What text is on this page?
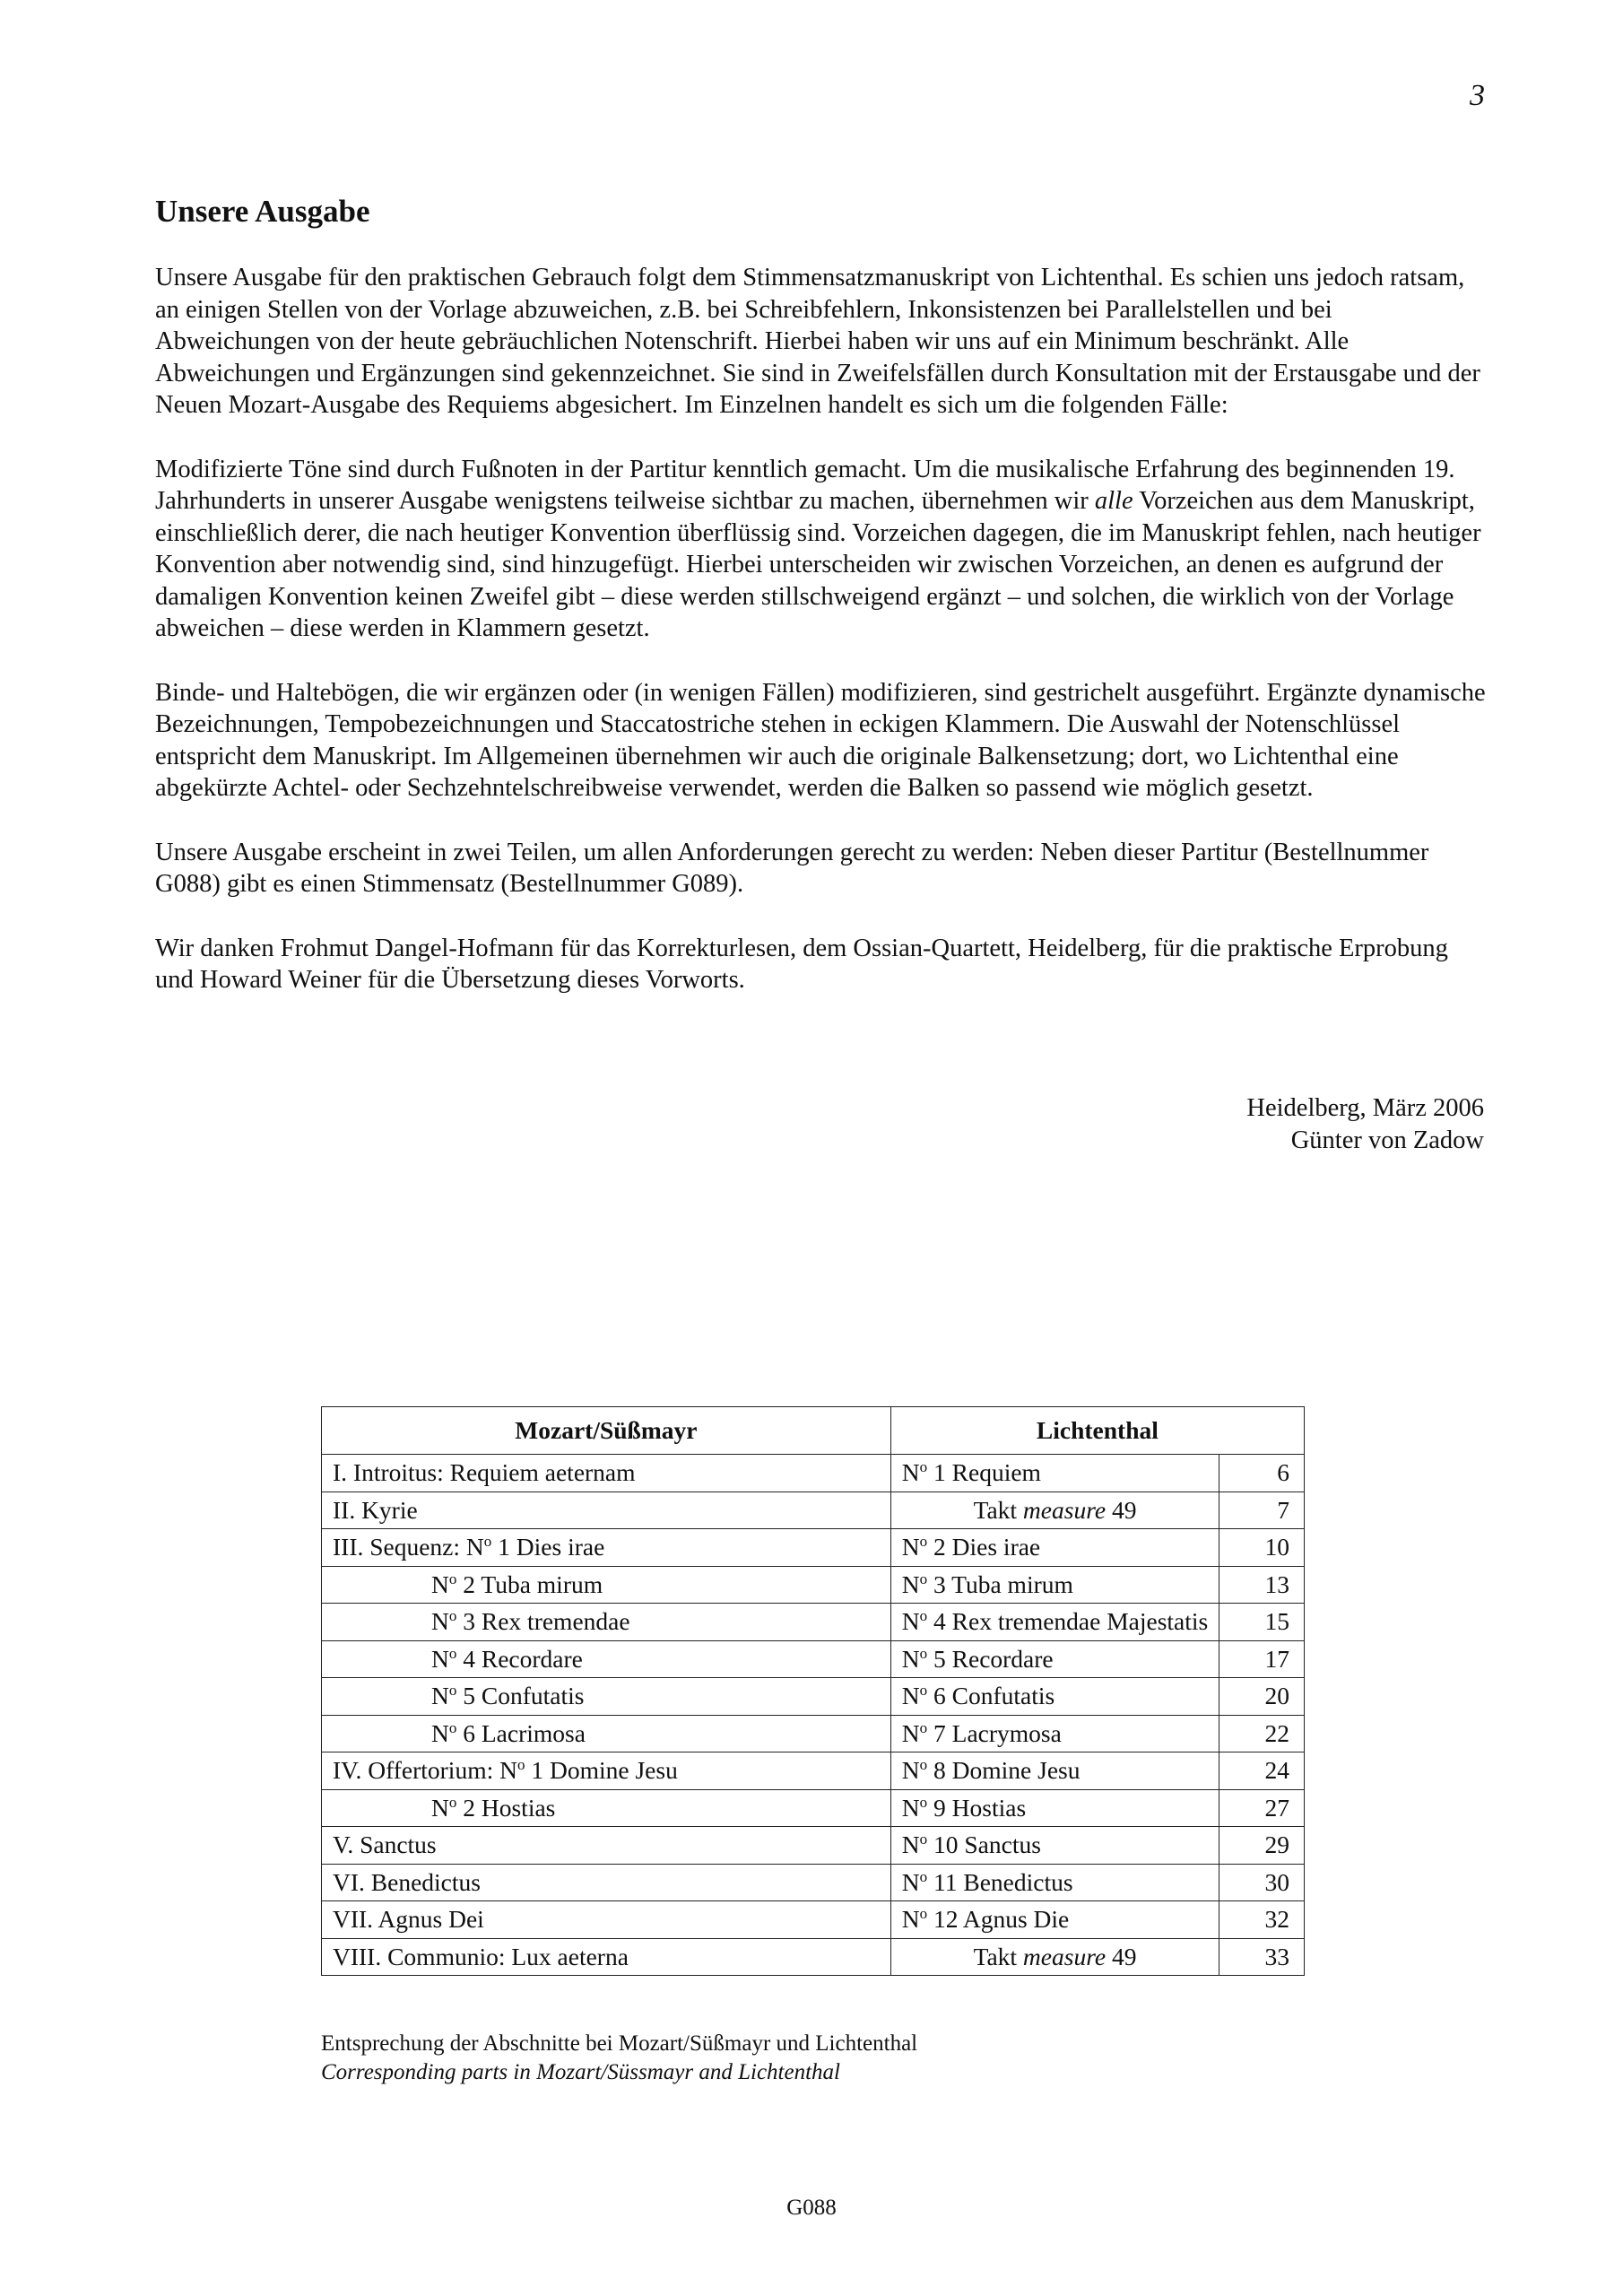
3
Unsere Ausgabe

Unsere Ausgabe für den praktischen Gebrauch folgt dem Stimmensatzmanuskript von Lichtenthal. Es schien uns jedoch ratsam, an einigen Stellen von der Vorlage abzuweichen, z.B. bei Schreibfehlern, Inkonsistenzen bei Parallelstellen und bei Abweichungen von der heute gebräuchlichen Notenschrift. Hierbei haben wir uns auf ein Minimum beschränkt. Alle Abweichungen und Ergänzungen sind gekennzeichnet. Sie sind in Zweifelsfällen durch Konsultation mit der Erstausgabe und der Neuen Mozart-Ausgabe des Requiems abgesichert. Im Einzelnen handelt es sich um die folgenden Fälle:

Modifizierte Töne sind durch Fußnoten in der Partitur kenntlich gemacht. Um die musikalische Erfahrung des beginnenden 19. Jahrhunderts in unserer Ausgabe wenigstens teilweise sichtbar zu machen, übernehmen wir alle Vorzeichen aus dem Manuskript, einschließlich derer, die nach heutiger Konvention überflüssig sind. Vorzeichen dagegen, die im Manuskript fehlen, nach heutiger Konvention aber notwendig sind, sind hinzugefügt. Hierbei unterscheiden wir zwischen Vorzeichen, an denen es aufgrund der damaligen Konvention keinen Zweifel gibt – diese werden stillschweigend ergänzt – und solchen, die wirklich von der Vorlage abweichen – diese werden in Klammern gesetzt.

Binde- und Haltebögen, die wir ergänzen oder (in wenigen Fällen) modifizieren, sind gestrichelt ausgeführt. Ergänzte dynamische Bezeichnungen, Tempobezeichnungen und Staccatostriche stehen in eckigen Klammern. Die Auswahl der Notenschlüssel entspricht dem Manuskript. Im Allgemeinen übernehmen wir auch die originale Balkensetzung; dort, wo Lichtenthal eine abgekürzte Achtel- oder Sechzehntelschreibweise verwendet, werden die Balken so passend wie möglich gesetzt.

Unsere Ausgabe erscheint in zwei Teilen, um allen Anforderungen gerecht zu werden: Neben dieser Partitur (Bestellnummer G088) gibt es einen Stimmensatz (Bestellnummer G089).

Wir danken Frohmut Dangel-Hofmann für das Korrekturlesen, dem Ossian-Quartett, Heidelberg, für die praktische Erprobung und Howard Weiner für die Übersetzung dieses Vorworts.

Heidelberg, März 2006
Günter von Zadow
Mozart/Süßmayr	Lichtenthal	
I. Introitus: Requiem aeternam	$N^o$ 1 Requiem	6
II. Kyrie	Takt measure 49	7
III. Sequenz: $N^o$ 1 Dies irae	$N^o$ 2 Dies irae	10
$N^o$ 2 Tuba mirum	$N^o$ 3 Tuba mirum	13
$N^o$ 3 Rex tremendae	$N^o$ 4 Rex tremendae Majestatis	15
$N^o$ 4 Recordare	$N^o$ 5 Recordare	17
$N^o$ 5 Confutatis	$N^o$ 6 Confutatis	20
$N^o$ 6 Lacrimosa	$N^o$ 7 Lacrymosa	22
IV. Offertorium: $N^o$ 1 Domine Jesu	$N^o$ 8 Domine Jesu	24
$N^o$ 2 Hostias	$N^o$ 9 Hostias	27
V. Sanctus	$N^o$ 10 Sanctus	29
VI. Benedictus	$N^o$ 11 Benedictus	30
VII. Agnus Dei	$N^o$ 12 Agnus Die	32
VIII. Communio: Lux aeterna	Takt measure 49	33
Entsprechung der Abschnitte bei Mozart/Süßmayr und Lichtenthal
Corresponding parts in Mozart/Süssmayr and Lichtenthal
G088
